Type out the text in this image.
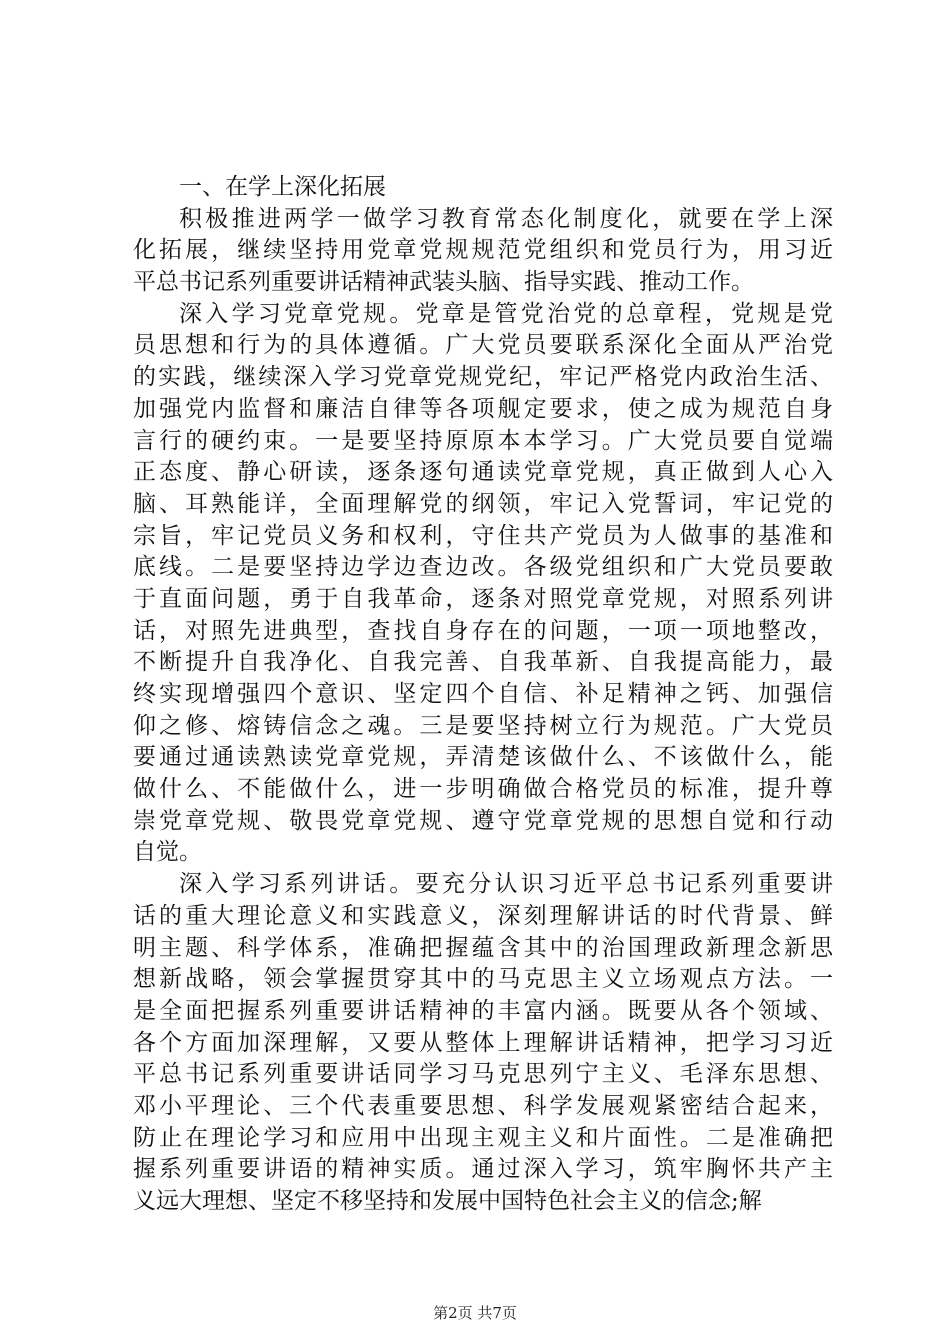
一、在学上深化拓展

积极推进两学一做学习教育常态化制度化，就要在学上深
化拓展，继续坚持用党章党规规范党组织和党员行为，用习近
平总书记系列重要讲话精神武装头脑、指导实践、推动工作。
深入学习党章党规。党章是管党治党的总章程，党规是党
员思想和行为的具体遵循。广大党员要联系深化全面从严治党
的实践，继续深入学习党章党规党纪，牢记严格党内政治生活、
加强党内监督和廉洁自律等各项舰定要求，使之成为规范自身
言行的硬约束。一是要坚持原原本本学习。广大党员要自觉端
正态度、静心研读，逐条逐句通读党章党规，真正做到人心入
脑、耳熟能详，全面理解党的纲领，牢记入党誓词，牢记党的
宗旨，牢记党员义务和权利，守住共产党员为人做事的基准和
底线。二是要坚持边学边查边改。各级党组织和广大党员要敢
于直面问题，勇于自我革命，逐条对照党章党规，对照系列讲
话，对照先进典型，查找自身存在的问题，一项一项地整改，
不断提升自我净化、自我完善、自我革新、自我提高能力，最
终实现增强四个意识、坚定四个自信、补足精神之钙、加强信
仰之修、熔铸信念之魂。三是要坚持树立行为规范。广大党员
要通过通读熟读党章党规，弄清楚该做什么、不该做什么，能
做什么、不能做什么，进一步明确做合格党员的标准，提升尊
崇党章党规、敬畏党章党规、遵守党章党规的思想自觉和行动
自觉。
深入学习系列讲话。要充分认识习近平总书记系列重要讲
话的重大理论意义和实践意义，深刻理解讲话的时代背景、鲜
明主题、科学体系，准确把握蕴含其中的治国理政新理念新思
想新战略，领会掌握贯穿其中的马克思主义立场观点方法。一
是全面把握系列重要讲话精神的丰富内涵。既要从各个领域、
各个方面加深理解，又要从整体上理解讲话精神，把学习习近
平总书记系列重要讲话同学习马克思列宁主义、毛泽东思想、
邓小平理论、三个代表重要思想、科学发展观紧密结合起来，
防止在理论学习和应用中出现主观主义和片面性。二是准确把
握系列重要讲语的精神实质。通过深入学习，筑牢胸怀共产主
义远大理想、坚定不移坚持和发展中国特色社会主义的信念;解
第2页 共7页
